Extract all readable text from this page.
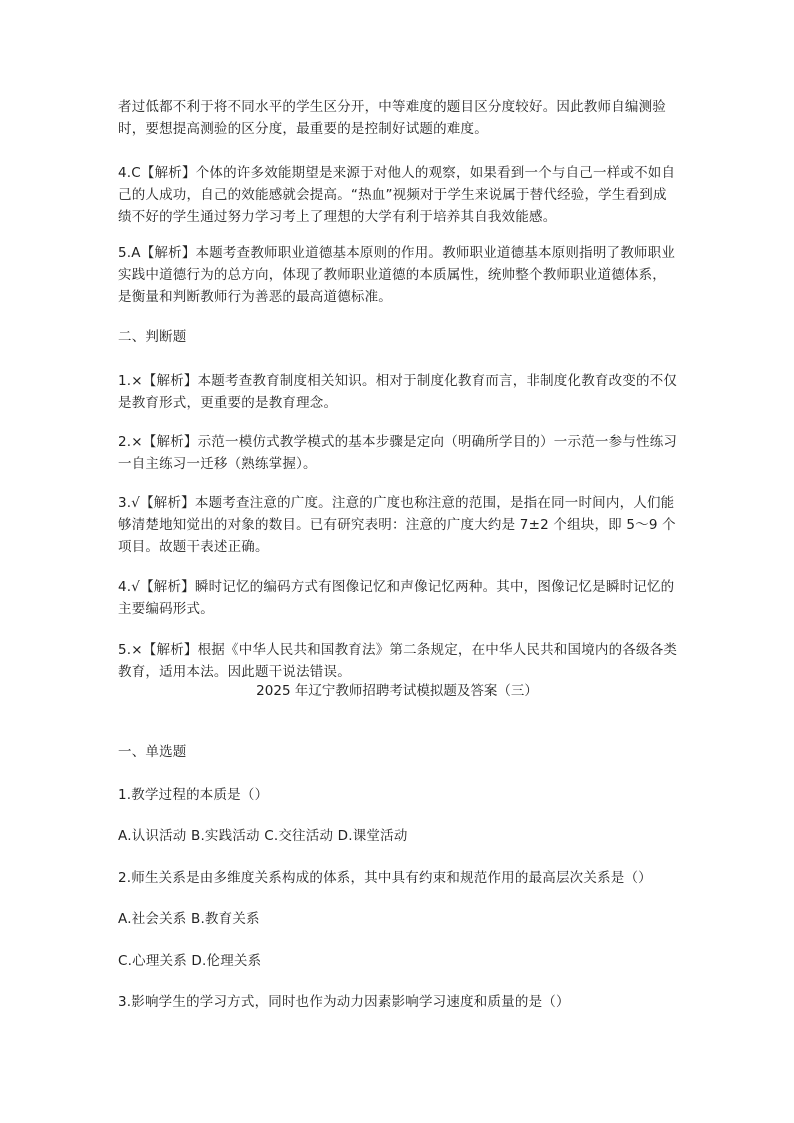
者过低都不利于将不同水平的学生区分开，中等难度的题目区分度较好。因此教师自编测验时，要想提高测验的区分度，最重要的是控制好试题的难度。

4.C【解析】个体的许多效能期望是来源于对他人的观察，如果看到一个与自己一样或不如自己的人成功，自己的效能感就会提高。“热血”视频对于学生来说属于替代经验，学生看到成绩不好的学生通过努力学习考上了理想的大学有利于培养其自我效能感。

5.A【解析】本题考查教师职业道德基本原则的作用。教师职业道德基本原则指明了教师职业实践中道德行为的总方向，体现了教师职业道德的本质属性，统帅整个教师职业道德体系，是衡量和判断教师行为善恶的最高道德标准。

二、判断题

1.×【解析】本题考查教育制度相关知识。相对于制度化教育而言，非制度化教育改变的不仅是教育形式，更重要的是教育理念。

2.×【解析】示范一模仿式教学模式的基本步骤是定向（明确所学目的）一示范一参与性练习一自主练习一迁移（熟练掌握）。

3.√【解析】本题考查注意的广度。注意的广度也称注意的范围，是指在同一时间内，人们能够清楚地知觉出的对象的数目。已有研究表明：注意的广度大约是 7±2 个组块，即 5～9 个项目。故题干表述正确。

4.√【解析】瞬时记忆的编码方式有图像记忆和声像记忆两种。其中，图像记忆是瞬时记忆的主要编码形式。

5.×【解析】根据《中华人民共和国教育法》第二条规定，在中华人民共和国境内的各级各类教育，适用本法。因此题干说法错误。

2025 年辽宁教师招聘考试模拟题及答案（三）

一、单选题

1.教学过程的本质是（）

A.认识活动 B.实践活动 C.交往活动 D.课堂活动

2.师生关系是由多维度关系构成的体系，其中具有约束和规范作用的最高层次关系是（）

A.社会关系 B.教育关系

C.心理关系 D.伦理关系

3.影响学生的学习方式，同时也作为动力因素影响学习速度和质量的是（）
